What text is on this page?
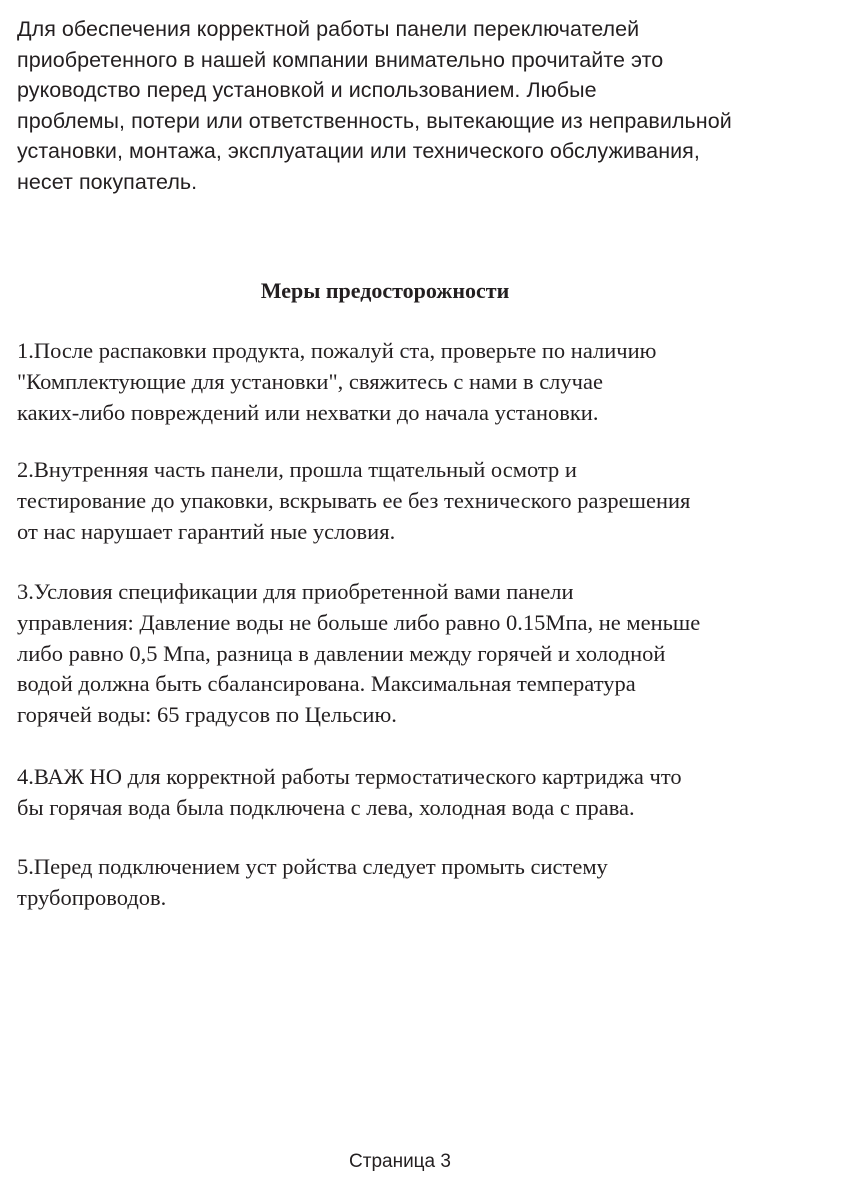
Для обеспечения корректной работы панели переключателей
приобретенного в нашей компании внимательно прочитайте это
руководство перед установкой и использованием. Любые
проблемы, потери или ответственность, вытекающие из неправильной
установки, монтажа, эксплуатации или технического обслуживания,
несет покупатель.

Меры предосторожности

1.После распаковки продукта, пожалуй ста, проверьте по наличию
"Комплектующие для установки", свяжитесь с нами в случае
каких-либо повреждений или нехватки до начала установки.

2.Внутренняя часть панели, прошла тщательный осмотр и
тестирование до упаковки, вскрывать ее без технического разрешения
от нас нарушает гарантий ные условия.

3.Условия спецификации для приобретенной вами панели
управления: Давление воды не больше либо равно 0.15Мпа, не меньше
либо равно 0,5 Мпа, разница в давлении между горячей и холодной
водой должна быть сбалансирована. Максимальная температура
горячей воды: 65 градусов по Цельсию.

4.ВАЖ НО для корректной работы термостатического картриджа что
бы горячая вода была подключена с лева, холодная вода с права.

5.Перед подключением уст ройства следует промыть систему
трубопроводов.

Страница 3
